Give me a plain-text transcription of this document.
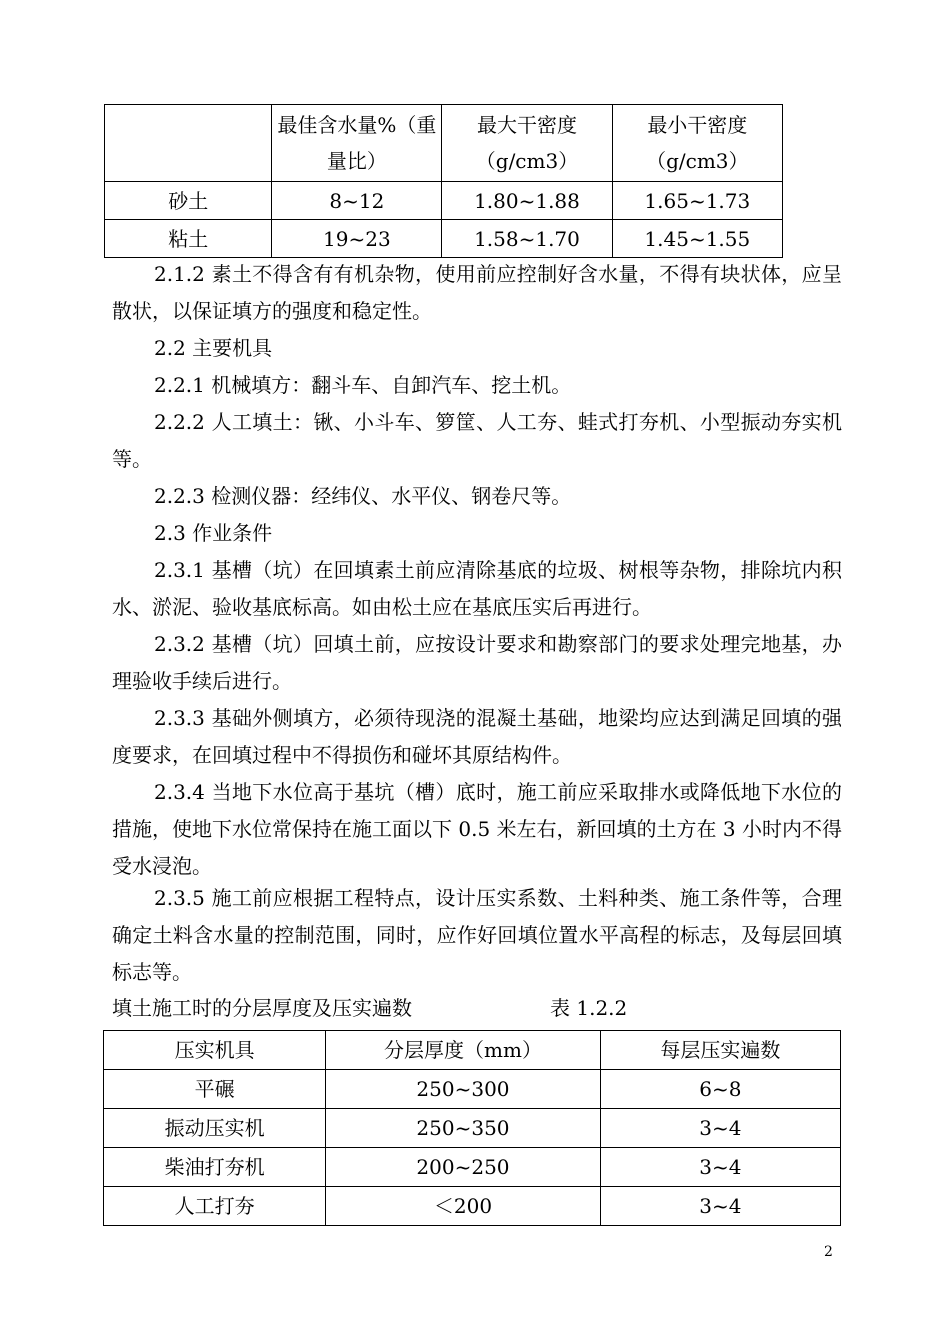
	最佳含水量%（重量比）	最大干密度（g/cm3）	最小干密度（g/cm3）
砂土	8~12	1.80~1.88	1.65~1.73
粘土	19~23	1.58~1.70	1.45~1.55
2.1.2 素土不得含有有机杂物，使用前应控制好含水量，不得有块状体，应呈散状，以保证填方的强度和稳定性。
2.2 主要机具
2.2.1 机械填方：翻斗车、自卸汽车、挖土机。
2.2.2 人工填土：锹、小斗车、箩筐、人工夯、蛙式打夯机、小型振动夯实机等。
2.2.3 检测仪器：经纬仪、水平仪、钢卷尺等。
2.3 作业条件
2.3.1 基槽（坑）在回填素土前应清除基底的垃圾、树根等杂物，排除坑内积水、淤泥、验收基底标高。如由松土应在基底压实后再进行。
2.3.2 基槽（坑）回填土前，应按设计要求和勘察部门的要求处理完地基，办理验收手续后进行。
2.3.3 基础外侧填方，必须待现浇的混凝土基础，地梁均应达到满足回填的强度要求，在回填过程中不得损伤和碰坏其原结构件。
2.3.4 当地下水位高于基坑（槽）底时，施工前应采取排水或降低地下水位的措施，使地下水位常保持在施工面以下 0.5 米左右，新回填的土方在 3 小时内不得受水浸泡。
2.3.5 施工前应根据工程特点，设计压实系数、土料种类、施工条件等，合理确定土料含水量的控制范围，同时，应作好回填位置水平高程的标志，及每层回填标志等。
填土施工时的分层厚度及压实遍数	表 1.2.2
压实机具	分层厚度（mm）	每层压实遍数
平碾	250~300	6~8
振动压实机	250~350	3~4
柴油打夯机	200~250	3~4
人工打夯	＜200	3~4
2
